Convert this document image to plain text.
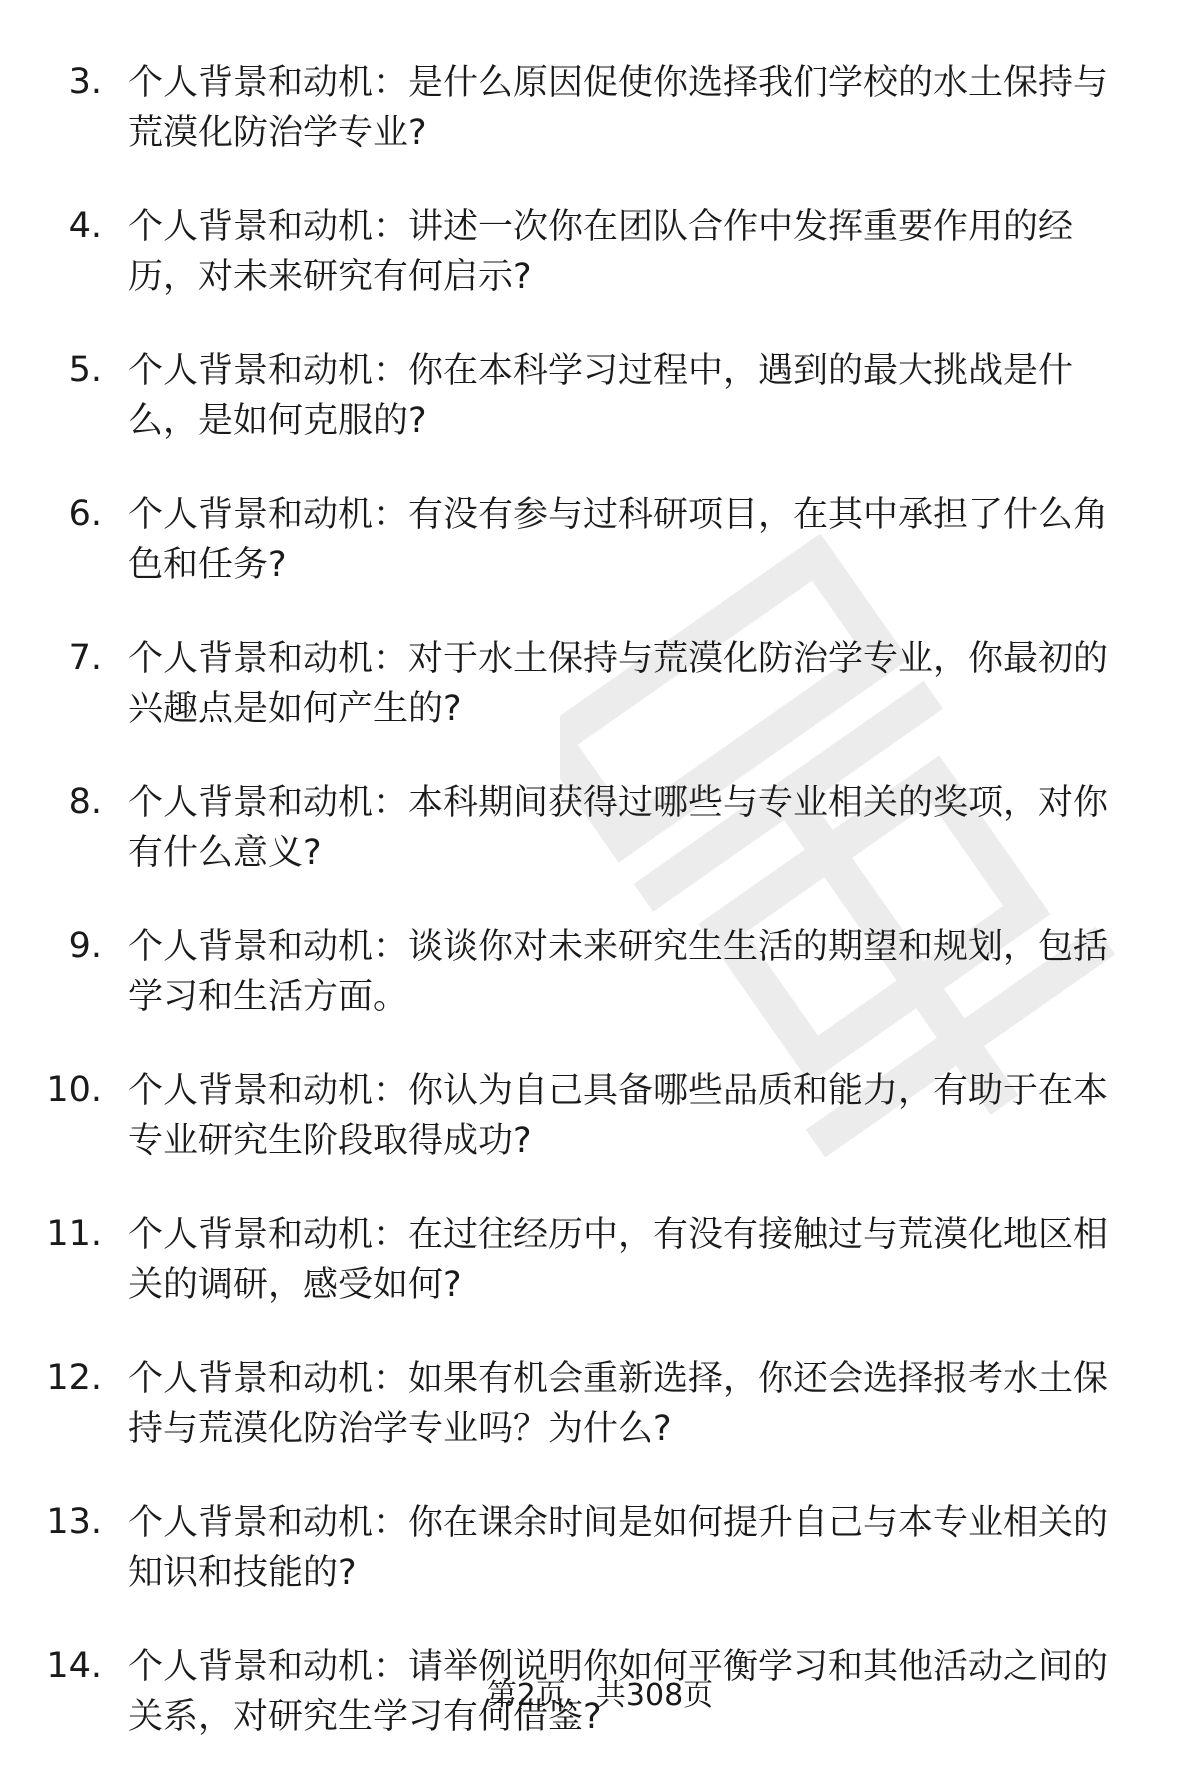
3. 个人背景和动机：是什么原因促使你选择我们学校的水土保持与荒漠化防治学专业?
4. 个人背景和动机：讲述一次你在团队合作中发挥重要作用的经历，对未来研究有何启示?
5. 个人背景和动机：你在本科学习过程中，遇到的最大挑战是什么，是如何克服的?
6. 个人背景和动机：有没有参与过科研项目，在其中承担了什么角色和任务?
7. 个人背景和动机：对于水土保持与荒漠化防治学专业，你最初的兴趣点是如何产生的?
8. 个人背景和动机：本科期间获得过哪些与专业相关的奖项，对你有什么意义?
9. 个人背景和动机：谈谈你对未来研究生生活的期望和规划，包括学习和生活方面。
10. 个人背景和动机：你认为自己具备哪些品质和能力，有助于在本专业研究生阶段取得成功?
11. 个人背景和动机：在过往经历中，有没有接触过与荒漠化地区相关的调研，感受如何?
12. 个人背景和动机：如果有机会重新选择，你还会选择报考水土保持与荒漠化防治学专业吗？为什么?
13. 个人背景和动机：你在课余时间是如何提升自己与本专业相关的知识和技能的?
14. 个人背景和动机：请举例说明你如何平衡学习和其他活动之间的关系，对研究生学习有何借鉴?
第2页，共308页
